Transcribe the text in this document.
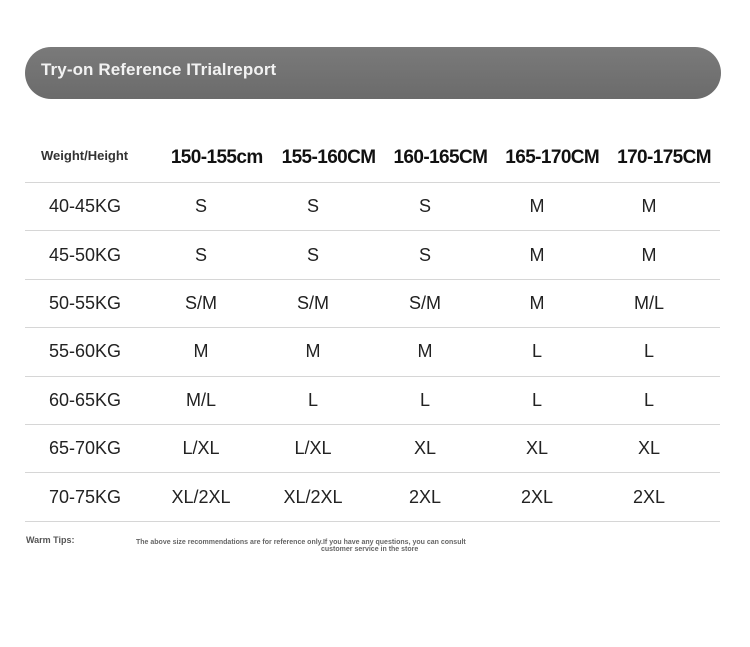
Try-on Reference ITrialreport
Weight/Height	150-155cm 155-160CM 160-165CM 165-170CM 170-175CM
40-45KG	S	S	S	M	M
45-50KG	S	S	S	M	M
50-55KG	S/M	S/M	S/M	M	M/L
55-60KG	M	M	M	L	L
60-65KG	M/L	L	L	L	L
65-70KG	L/XL	L/XL	XL	XL	XL
70-75KG	XL/2XL	XL/2XL	2XL	2XL	2XL
Warm Tips:	The above size recommendations are for reference only.If you have any questions, you can consult
customer service in the store
